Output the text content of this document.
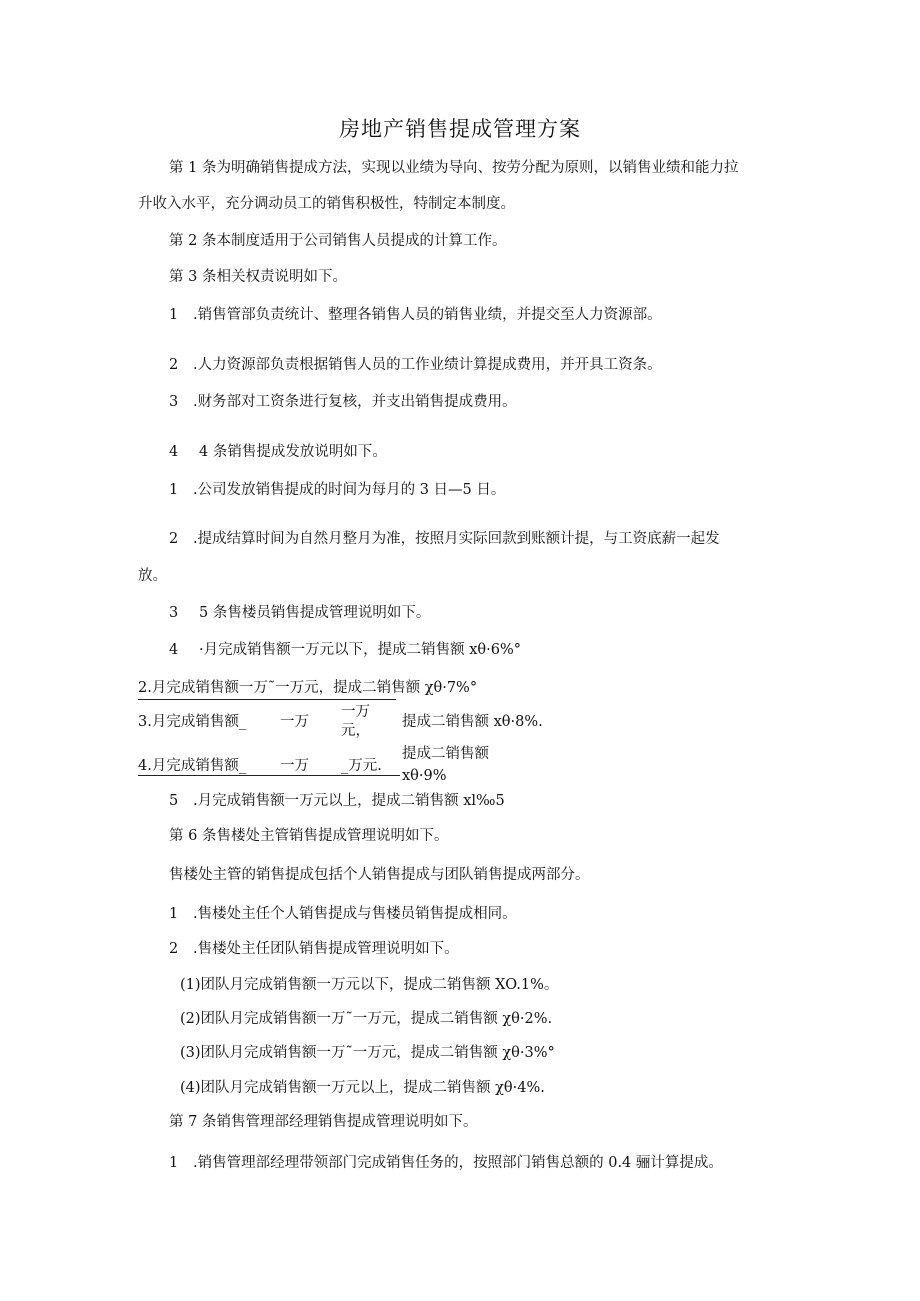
房地产销售提成管理方案
第 1 条为明确销售提成方法，实现以业绩为导向、按劳分配为原则，以销售业绩和能力拉
升收入水平，充分调动员工的销售积极性，特制定本制度。
第 2 条本制度适用于公司销售人员提成的计算工作。
第 3 条相关权责说明如下。
1 .销售管部负责统计、整理各销售人员的销售业绩，并提交至人力资源部。
2 .人力资源部负责根据销售人员的工作业绩计算提成费用，并开具工资条。
3 .财务部对工资条进行复核，并支出销售提成费用。
4 4 条销售提成发放说明如下。
1 .公司发放销售提成的时间为每月的 3 日—5 日。
2 .提成结算时间为自然月整月为准，按照月实际回款到账额计提，与工资底薪一起发
放。
3 5 条售楼员销售提成管理说明如下。
4 ·月完成销售额一万元以下，提成二销售额 xθ·6%°
2.月完成销售额一万˜一万元，提成二销售额 χθ·7%°
3.月完成销售额_ 一万
一万
元，
提成二销售额 xθ·8%.
4.月完成销售额_ 一万 _万元.
提成二销售额
xθ·9%
5 .月完成销售额一万元以上，提成二销售额 xl‰5
第 6 条售楼处主管销售提成管理说明如下。
售楼处主管的销售提成包括个人销售提成与团队销售提成两部分。
1 .售楼处主任个人销售提成与售楼员销售提成相同。
2 .售楼处主任团队销售提成管理说明如下。
(1)团队月完成销售额一万元以下，提成二销售额 XO.1%。
(2)团队月完成销售额一万˜一万元，提成二销售额 χθ·2%.
(3)团队月完成销售额一万˜一万元，提成二销售额 χθ·3%°
(4)团队月完成销售额一万元以上，提成二销售额 χθ·4%.
第 7 条销售管理部经理销售提成管理说明如下。
1 .销售管理部经理带领部门完成销售任务的，按照部门销售总额的 0.4 骊计算提成。
